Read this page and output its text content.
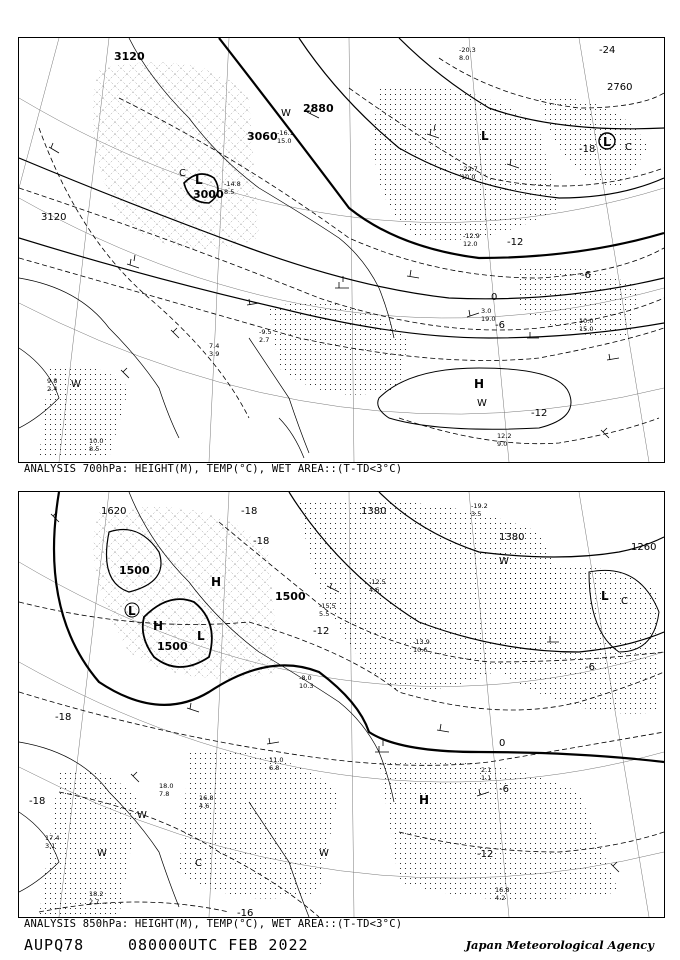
3120
3000
3120
3060
2880
2760
-24
-18
-12
-6
0
-6
-12
L
L	L
H
W
W
W
C
C	-22.7
10.0
-20.3
8.0
-16.1
15.0
-14.8
8.5
-12.9
12.0
-9.5
2.7
3.0
19.0	10.0
15.0
12.2
9.0
10.0
8.5
9.8
2.4
7.4
3.9
ANALYSIS 700hPa: HEIGHT(M), TEMP(°C), WET AREA::(T-TD<3°C)
1620
1500
1500
1500
1380
1380
1260
-18
-18
-12
-18
-18
-16
-6
0
-6
-12
L
L
L
H
H
H
W
W
W
W
C
C
-19.2
3.5
-15.5
5.5
-12.5
4.6
-8.0
10.3
-13.9
10.6
11.0
6.8
16.8
4.6
16.8
4.2
18.0
7.8
18.2
2.7
17.4
3.1
2.1
1.1
ANALYSIS 850hPa: HEIGHT(M), TEMP(°C), WET AREA::(T-TD<3°C)
AUPQ78	080000UTC FEB 2022	Japan Meteorological Agency
